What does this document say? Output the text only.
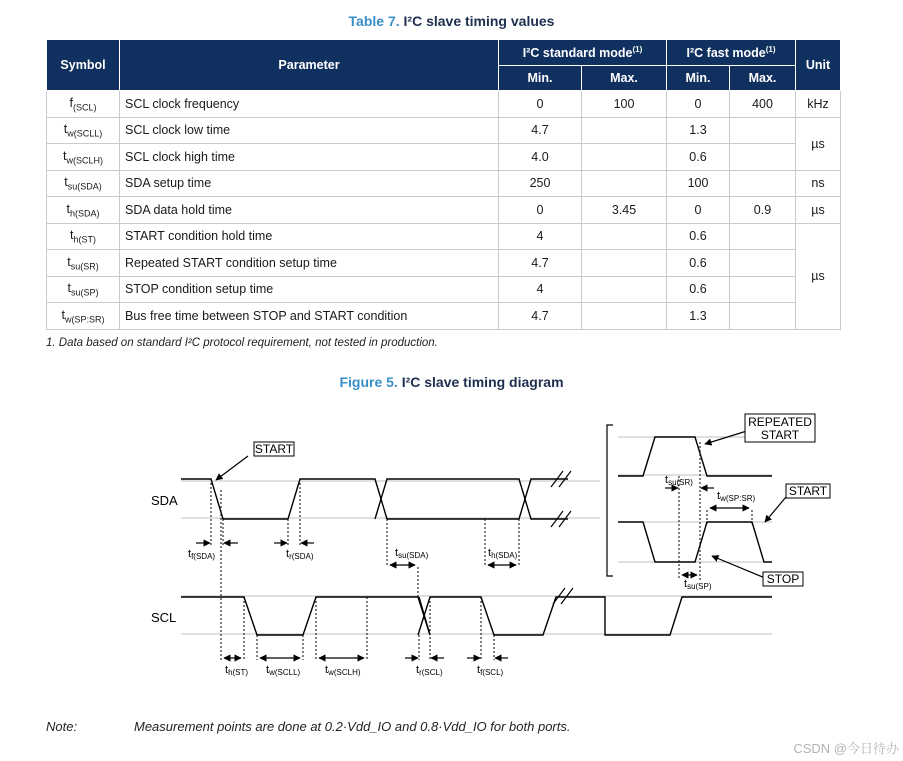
Table 7. I²C slave timing values
Symbol	Parameter	I²C standard mode$^{(1)}$		I²C fast mode$^{(1)}$		Unit
		Min.	Max.	Min.	Max.	
$f_{(SCL)}$	SCL clock frequency	0	100	0	400	kHz
$t_{w(SCLL)}$	SCL clock low time	4.7		1.3		µs
$t_{w(SCLH)}$	SCL clock high time	4.0		0.6		
$t_{su(SDA)}$	SDA setup time	250		100		ns
$t_{h(SDA)}$	SDA data hold time	0	3.45	0	0.9	µs
$t_{h(ST)}$	START condition hold time	4		0.6		µs
$t_{su(SR)}$	Repeated START condition setup time	4.7		0.6		
$t_{su(SP)}$	STOP condition setup time	4		0.6		
$t_{w(SP:SR)}$	Bus free time between STOP and START condition	4.7		1.3		
1. Data based on standard I²C protocol requirement, not tested in production.
Figure 5. I²C slave timing diagram
START
REPEATED
START
START
STOP
SDA
SCL
tf(SDA)	tr(SDA)	tsu(SDA)	th(SDA)
th(ST) tw(SCLL) tw(SCLH)	tr(SCL)	tf(SCL)
tsu(SR)
tw(SP:SR)
tsu(SP)
Note:	Measurement points are done at 0.2·Vdd_IO and 0.8·Vdd_IO for both ports.
CSDN @今日待办
